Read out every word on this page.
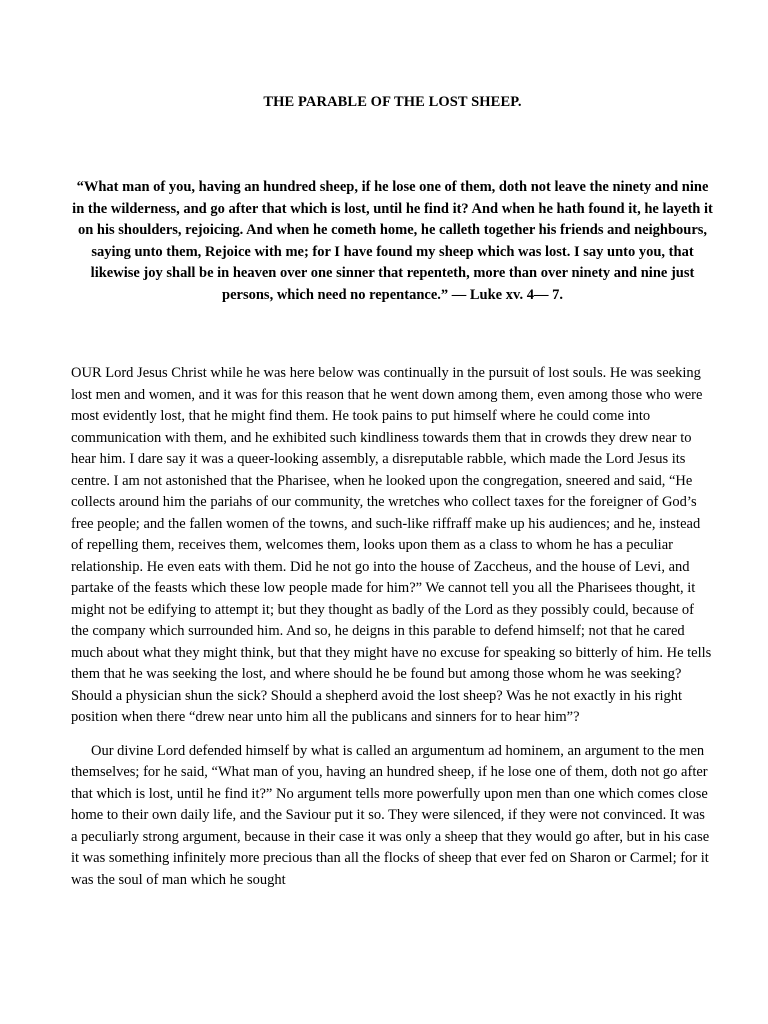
THE PARABLE OF THE LOST SHEEP.

“What man of you, having an hundred sheep, if he lose one of them, doth not leave the ninety and nine in the wilderness, and go after that which is lost, until he find it? And when he hath found it, he layeth it on his shoulders, rejoicing. And when he cometh home, he calleth together his friends and neighbours, saying unto them, Rejoice with me; for I have found my sheep which was lost. I say unto you, that likewise joy shall be in heaven over one sinner that repenteth, more than over ninety and nine just persons, which need no repentance.” — Luke xv. 4— 7.

OUR Lord Jesus Christ while he was here below was continually in the pursuit of lost souls. He was seeking lost men and women, and it was for this reason that he went down among them, even among those who were most evidently lost, that he might find them. He took pains to put himself where he could come into communication with them, and he exhibited such kindliness towards them that in crowds they drew near to hear him. I dare say it was a queer-looking assembly, a disreputable rabble, which made the Lord Jesus its centre. I am not astonished that the Pharisee, when he looked upon the congregation, sneered and said, “He collects around him the pariahs of our community, the wretches who collect taxes for the foreigner of God’s free people; and the fallen women of the towns, and such-like riffraff make up his audiences; and he, instead of repelling them, receives them, welcomes them, looks upon them as a class to whom he has a peculiar relationship. He even eats with them. Did he not go into the house of Zaccheus, and the house of Levi, and partake of the feasts which these low people made for him?” We cannot tell you all the Pharisees thought, it might not be edifying to attempt it; but they thought as badly of the Lord as they possibly could, because of the company which surrounded him. And so, he deigns in this parable to defend himself; not that he cared much about what they might think, but that they might have no excuse for speaking so bitterly of him. He tells them that he was seeking the lost, and where should he be found but among those whom he was seeking? Should a physician shun the sick? Should a shepherd avoid the lost sheep? Was he not exactly in his right position when there “drew near unto him all the publicans and sinners for to hear him”?

Our divine Lord defended himself by what is called an argumentum ad hominem, an argument to the men themselves; for he said, “What man of you, having an hundred sheep, if he lose one of them, doth not go after that which is lost, until he find it?” No argument tells more powerfully upon men than one which comes close home to their own daily life, and the Saviour put it so. They were silenced, if they were not convinced. It was a peculiarly strong argument, because in their case it was only a sheep that they would go after, but in his case it was something infinitely more precious than all the flocks of sheep that ever fed on Sharon or Carmel; for it was the soul of man which he sought
